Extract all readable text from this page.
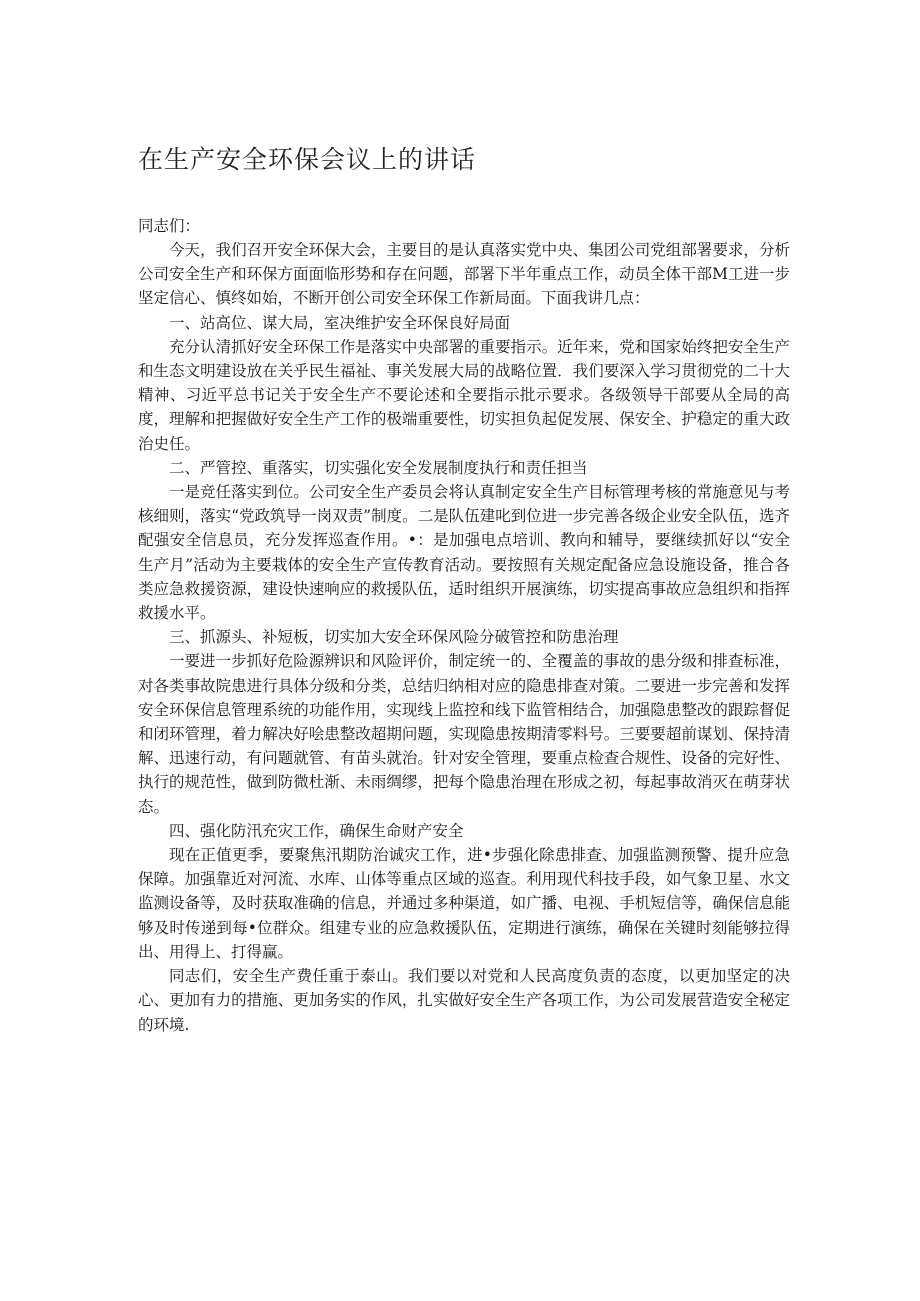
在生产安全环保会议上的讲话

同志们：

今天，我们召开安全环保大会，主要目的是认真落实党中央、集团公司党组部署要求，分析公司安全生产和环保方面面临形势和存在问题，部署下半年重点工作，动员全体干部M工进一步坚定信心、慎终如始，不断开创公司安全环保工作新局面。下面我讲几点：

一、站高位、谋大局，室决维护安全环保良好局面

充分认清抓好安全环保工作是落实中央部署的重要指示。近年来，党和国家始终把安全生产和生态文明建设放在关乎民生福祉、事关发展大局的战略位置．我们要深入学习贯彻党的二十大精神、习近平总书记关于安全生产不要论述和全要指示批示要求。各级领导干部要从全局的高度，理解和把握做好安全生产工作的极端重要性，切实担负起促发展、保安全、护稳定的重大政治史任。

二、严管控、重落实，切实强化安全发展制度执行和责任担当

一是竞任落实到位。公司安全生产委员会将认真制定安全生产目标管理考核的常施意见与考核细则，落实“党政筑导一岗双责”制度。二是队伍建叱到位进一步完善各级企业安全队伍，选齐配强安全信息员，充分发挥巡查作用。•：是加强电点培训、教向和辅导，要继续抓好以“安全生产月”活动为主要栽体的安全生产宣传教育活动。要按照有关规定配备应急设施设备，推合各类应急救援资源，建设快速响应的救援队伍，适时组织开展演练，切实提高事故应急组织和指挥救援水平。

三、抓源头、补短板，切实加大安全环保风险分破管控和防患治理

一要进一步抓好危险源辨识和风险评价，制定统一的、全覆盖的事故的患分级和排查标准，对各类事故院患进行具体分级和分类，总结归纳相对应的隐患排查对策。二要进一步完善和发挥安全环保信息管理系统的功能作用，实现线上监控和线下监管相结合，加强隐患整改的跟踪督促和闭环管理，着力解决好哙患整改超期问题，实现隐患按期清零料号。三要要超前谋划、保持清解、迅速行动，有问题就管、有苗头就治。针对安全管理，要重点检查合规性、设备的完好性、执行的规范性，做到防微杜渐、未雨绸缪，把每个隐患治理在形成之初，每起事故消灭在萌芽状态。

四、强化防汛充灾工作，确保生命财产安全

现在正值更季，要聚焦汛期防治诚灾工作，进•步强化除患排查、加强监测预警、提升应急保障。加强靠近对河流、水库、山体等重点区域的巡查。利用现代科技手段，如气象卫星、水文监测设备等，及时获取准确的信息，并通过多种渠道，如广播、电视、手机短信等，确保信息能够及时传递到每•位群众。组建专业的应急救援队伍，定期进行演练，确保在关键时刻能够拉得出、用得上、打得赢。

同志们，安全生产费任重于泰山。我们要以对党和人民高度负责的态度，以更加坚定的决心、更加有力的措施、更加务实的作风，扎实做好安全生产各项工作，为公司发展营造安全秘定的环境.
